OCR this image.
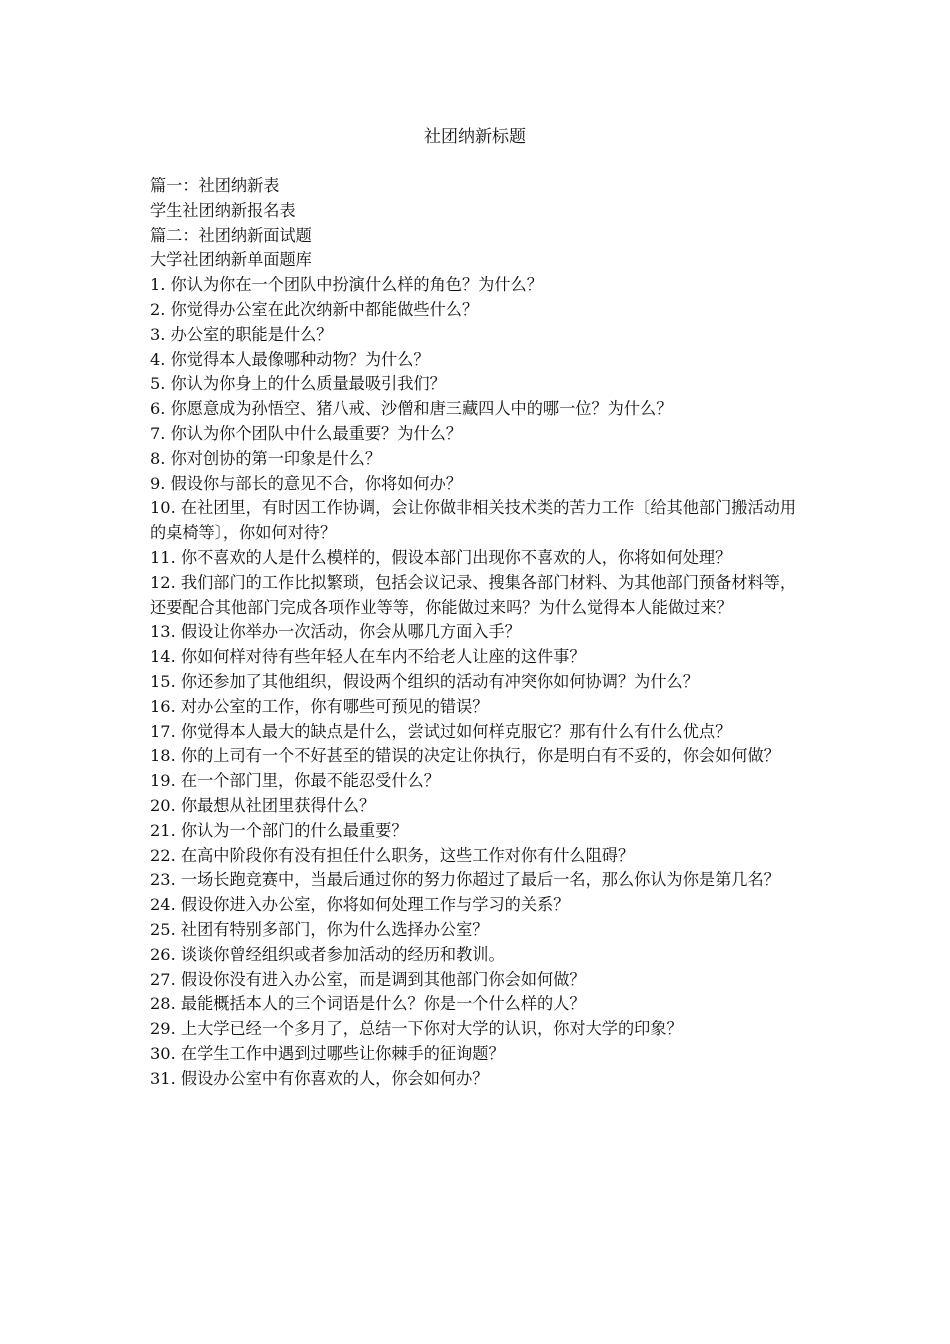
社团纳新标题

篇一：社团纳新表

学生社团纳新报名表

篇二：社团纳新面试题

大学社团纳新单面题库

1. 你认为你在一个团队中扮演什么样的角色？为什么？

2. 你觉得办公室在此次纳新中都能做些什么？

3. 办公室的职能是什么？

4. 你觉得本人最像哪种动物？为什么？

5. 你认为你身上的什么质量最吸引我们？

6. 你愿意成为孙悟空、猪八戒、沙僧和唐三藏四人中的哪一位？为什么？

7. 你认为你个团队中什么最重要？为什么？

8. 你对创协的第一印象是什么？

9. 假设你与部长的意见不合，你将如何办？

10. 在社团里，有时因工作协调，会让你做非相关技术类的苦力工作〔给其他部门搬活动用的桌椅等〕，你如何对待？

11. 你不喜欢的人是什么模样的，假设本部门出现你不喜欢的人，你将如何处理？

12. 我们部门的工作比拟繁琐，包括会议记录、搜集各部门材料、为其他部门预备材料等，还要配合其他部门完成各项作业等等，你能做过来吗？为什么觉得本人能做过来？

13. 假设让你举办一次活动，你会从哪几方面入手？

14. 你如何样对待有些年轻人在车内不给老人让座的这件事？

15. 你还参加了其他组织，假设两个组织的活动有冲突你如何协调？为什么？

16. 对办公室的工作，你有哪些可预见的错误？

17. 你觉得本人最大的缺点是什么，尝试过如何样克服它？那有什么有什么优点？

18. 你的上司有一个不好甚至的错误的决定让你执行，你是明白有不妥的，你会如何做？

19. 在一个部门里，你最不能忍受什么？

20. 你最想从社团里获得什么？

21. 你认为一个部门的什么最重要？

22. 在高中阶段你有没有担任什么职务，这些工作对你有什么阻碍？

23. 一场长跑竞赛中，当最后通过你的努力你超过了最后一名，那么你认为你是第几名？

24. 假设你进入办公室，你将如何处理工作与学习的关系？

25. 社团有特别多部门，你为什么选择办公室？

26. 谈谈你曾经组织或者参加活动的经历和教训。

27. 假设你没有进入办公室，而是调到其他部门你会如何做？

28. 最能概括本人的三个词语是什么？你是一个什么样的人？

29. 上大学已经一个多月了，总结一下你对大学的认识，你对大学的印象？

30. 在学生工作中遇到过哪些让你棘手的征询题？

31. 假设办公室中有你喜欢的人，你会如何办？
